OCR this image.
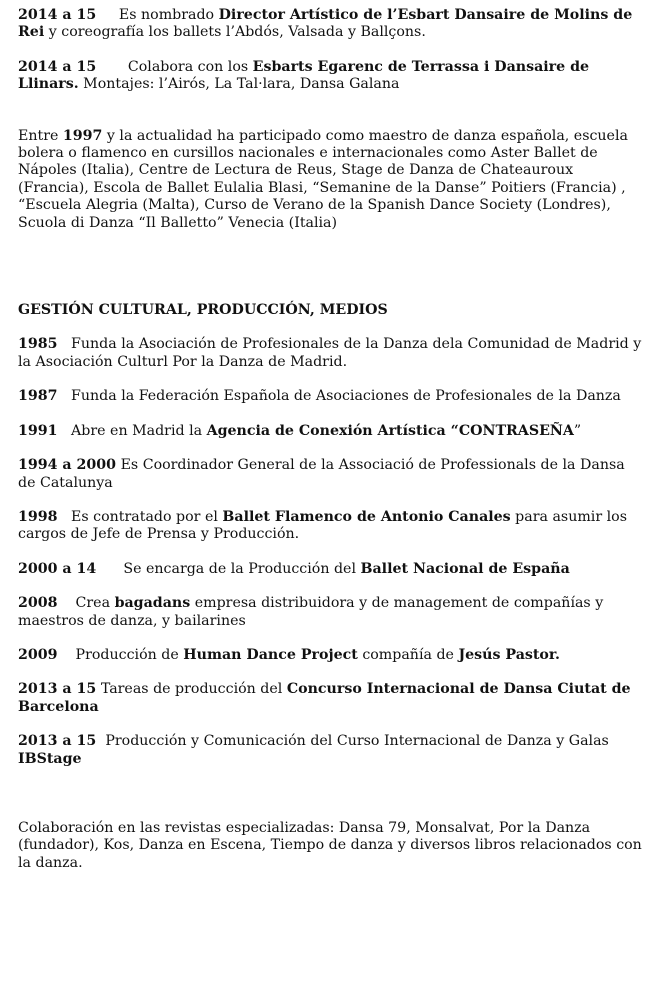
2014 a 15 Es nombrado Director Artístico de l’Esbart Dansaire de Molins de Rei y coreografía los ballets l’Abdós, Valsada y Ballçons.

2014 a 15 Colabora con los Esbarts Egarenc de Terrassa i Dansaire de Llinars. Montajes: l’Airós, La Tal·lara, Dansa Galana

Entre 1997 y la actualidad ha participado como maestro de danza española, escuela bolera o flamenco en cursillos nacionales e internacionales como Aster Ballet de Nápoles (Italia), Centre de Lectura de Reus, Stage de Danza de Chateauroux (Francia), Escola de Ballet Eulalia Blasi, “Semanine de la Danse” Poitiers (Francia) , “Escuela Alegria (Malta), Curso de Verano de la Spanish Dance Society (Londres), Scuola di Danza “Il Balletto” Venecia (Italia)

GESTIÓN CULTURAL, PRODUCCIÓN, MEDIOS

1985 Funda la Asociación de Profesionales de la Danza dela Comunidad de Madrid y la Asociación Culturl Por la Danza de Madrid.

1987 Funda la Federación Española de Asociaciones de Profesionales de la Danza

1991 Abre en Madrid la Agencia de Conexión Artística “CONTRASEÑA”

1994 a 2000 Es Coordinador General de la Associació de Professionals de la Dansa de Catalunya

1998 Es contratado por el Ballet Flamenco de Antonio Canales para asumir los cargos de Jefe de Prensa y Producción.

2000 a 14 Se encarga de la Producción del Ballet Nacional de España

2008 Crea bagadans empresa distribuidora y de management de compañías y maestros de danza, y bailarines

2009 Producción de Human Dance Project compañía de Jesús Pastor.

2013 a 15 Tareas de producción del Concurso Internacional de Dansa Ciutat de Barcelona

2013 a 15 Producción y Comunicación del Curso Internacional de Danza y Galas IBStage

Colaboración en las revistas especializadas: Dansa 79, Monsalvat, Por la Danza (fundador), Kos, Danza en Escena, Tiempo de danza y diversos libros relacionados con la danza.
